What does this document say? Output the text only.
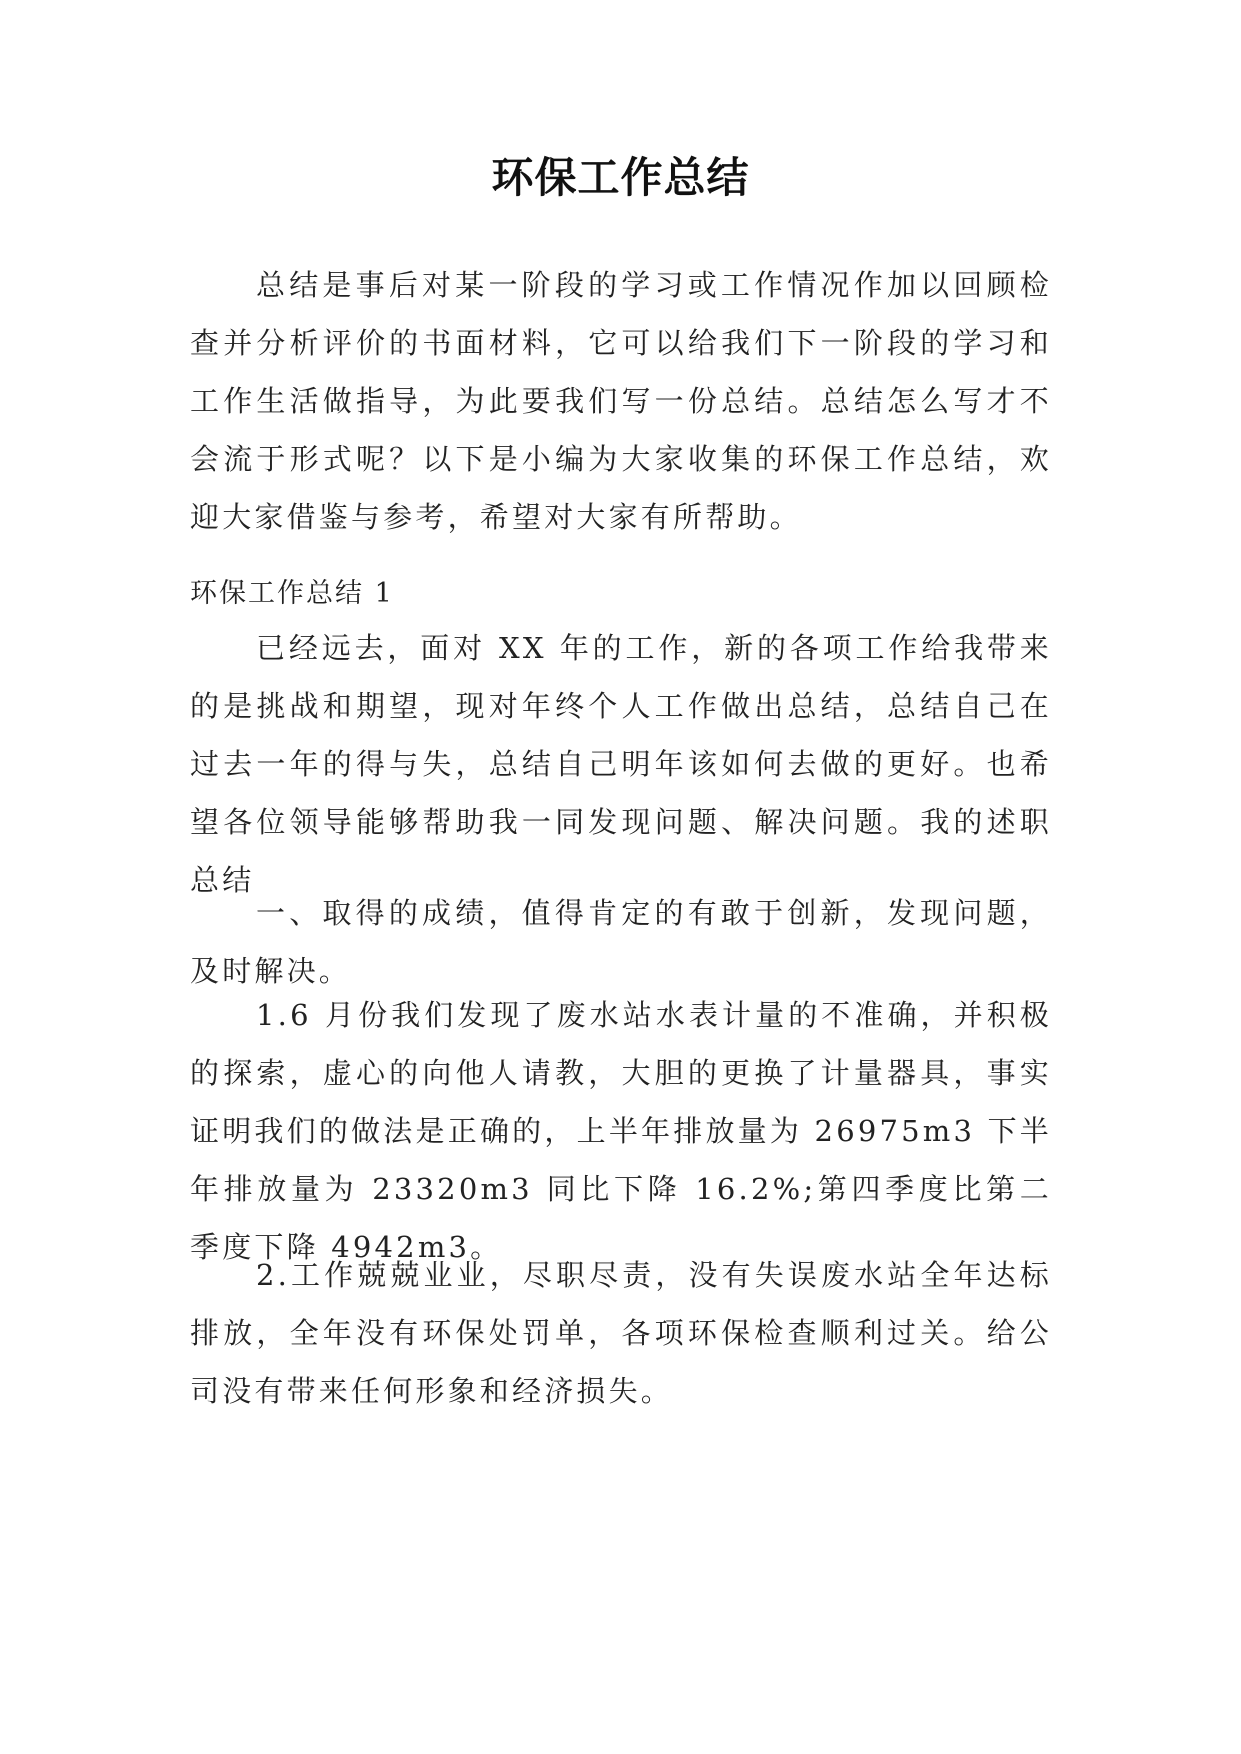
环保工作总结

总结是事后对某一阶段的学习或工作情况作加以回顾检查并分析评价的书面材料，它可以给我们下一阶段的学习和工作生活做指导，为此要我们写一份总结。总结怎么写才不会流于形式呢？以下是小编为大家收集的环保工作总结，欢迎大家借鉴与参考，希望对大家有所帮助。

环保工作总结 1

已经远去，面对 XX 年的工作，新的各项工作给我带来的是挑战和期望，现对年终个人工作做出总结，总结自己在过去一年的得与失，总结自己明年该如何去做的更好。也希望各位领导能够帮助我一同发现问题、解决问题。我的述职总结

一、取得的成绩，值得肯定的有敢于创新，发现问题，及时解决。

1.6 月份我们发现了废水站水表计量的不准确，并积极的探索，虚心的向他人请教，大胆的更换了计量器具，事实证明我们的做法是正确的，上半年排放量为 26975m3 下半年排放量为 23320m3 同比下降 16.2%;第四季度比第二季度下降 4942m3。

2.工作兢兢业业，尽职尽责，没有失误废水站全年达标排放，全年没有环保处罚单，各项环保检查顺利过关。给公司没有带来任何形象和经济损失。
